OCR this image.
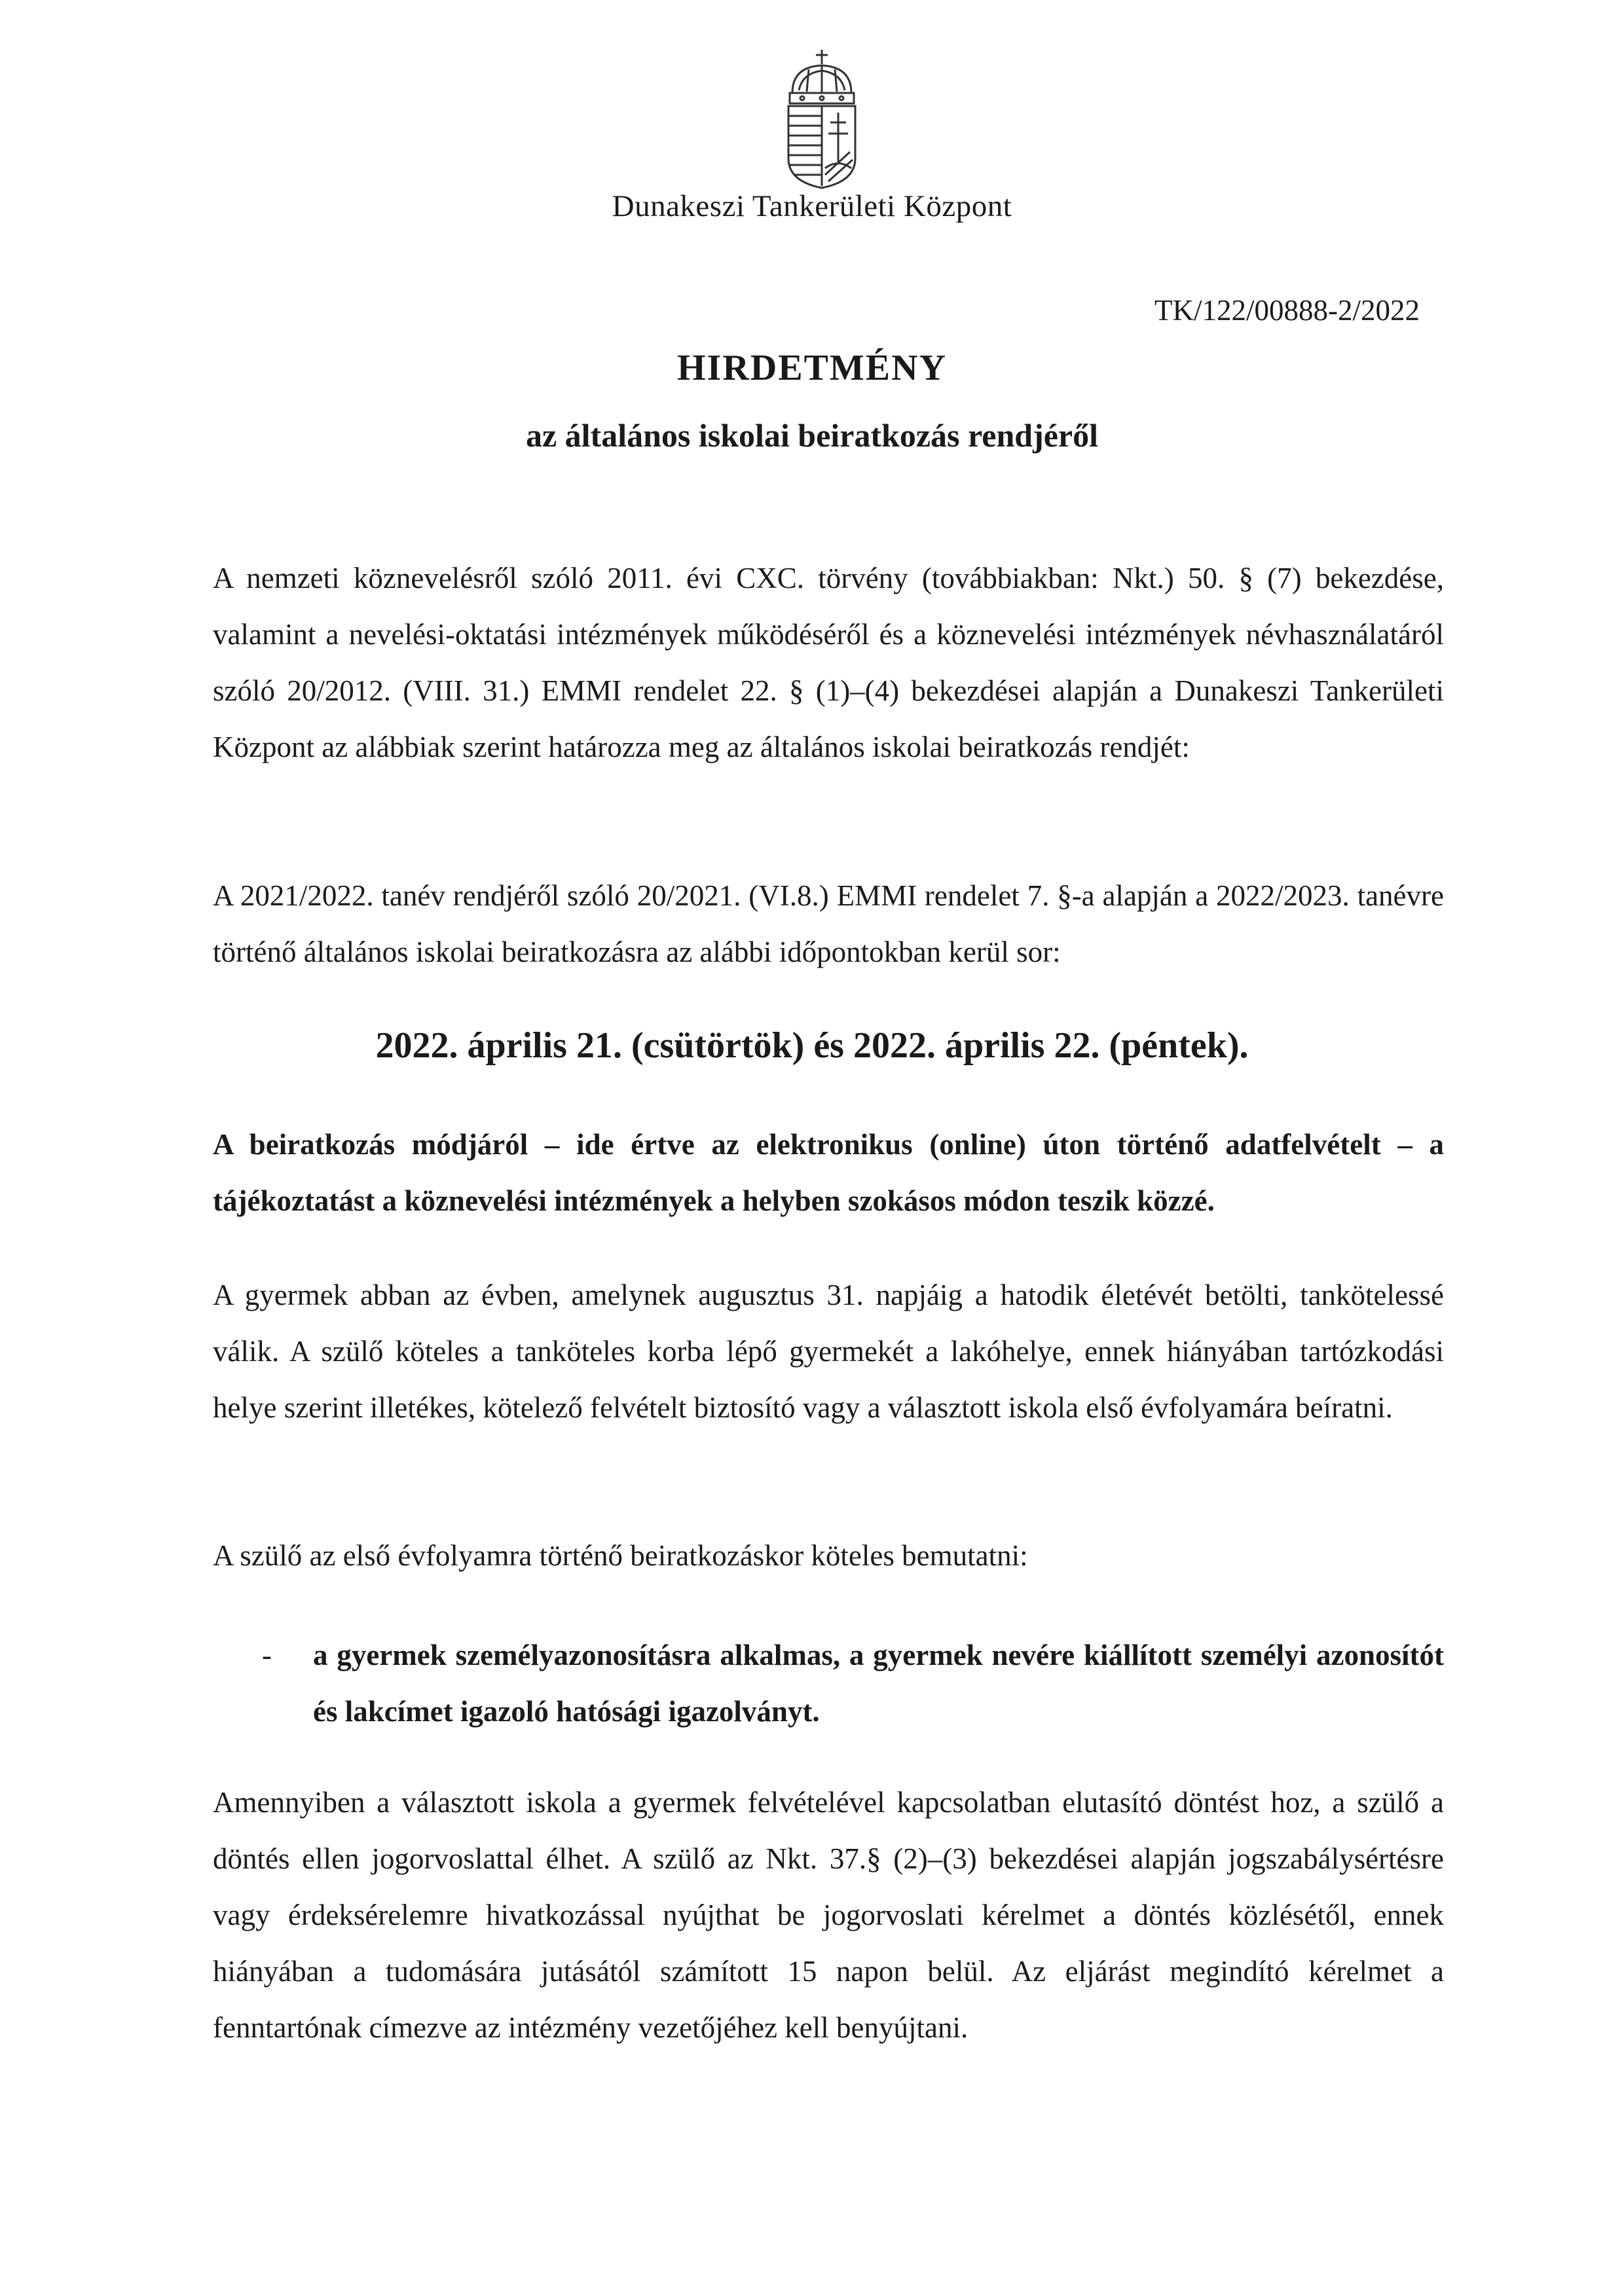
Dunakeszi Tankerületi Központ
TK/122/00888-2/2022
HIRDETMÉNY
az általános iskolai beiratkozás rendjéről

A nemzeti köznevelésről szóló 2011. évi CXC. törvény (továbbiakban: Nkt.) 50. § (7) bekezdése, valamint a nevelési-oktatási intézmények működéséről és a köznevelési intézmények névhasználatáról szóló 20/2012. (VIII. 31.) EMMI rendelet 22. § (1)–(4) bekezdései alapján a Dunakeszi Tankerületi Központ az alábbiak szerint határozza meg az általános iskolai beiratkozás rendjét:

A 2021/2022. tanév rendjéről szóló 20/2021. (VI.8.) EMMI rendelet 7. §-a alapján a 2022/2023. tanévre történő általános iskolai beiratkozásra az alábbi időpontokban kerül sor:

2022. április 21. (csütörtök) és 2022. április 22. (péntek).

A beiratkozás módjáról – ide értve az elektronikus (online) úton történő adatfelvételt – a tájékoztatást a köznevelési intézmények a helyben szokásos módon teszik közzé.

A gyermek abban az évben, amelynek augusztus 31. napjáig a hatodik életévét betölti, tankötelessé válik. A szülő köteles a tanköteles korba lépő gyermekét a lakóhelye, ennek hiányában tartózkodási helye szerint illetékes, kötelező felvételt biztosító vagy a választott iskola első évfolyamára beíratni.

A szülő az első évfolyamra történő beiratkozáskor köteles bemutatni:

- a gyermek személyazonosításra alkalmas, a gyermek nevére kiállított személyi azonosítót és lakcímet igazoló hatósági igazolványt.

Amennyiben a választott iskola a gyermek felvételével kapcsolatban elutasító döntést hoz, a szülő a döntés ellen jogorvoslattal élhet. A szülő az Nkt. 37.§ (2)–(3) bekezdései alapján jogszabálysértésre vagy érdeksérelemre hivatkozással nyújthat be jogorvoslati kérelmet a döntés közlésétől, ennek hiányában a tudomására jutásától számított 15 napon belül. Az eljárást megindító kérelmet a fenntartónak címezve az intézmény vezetőjéhez kell benyújtani.
